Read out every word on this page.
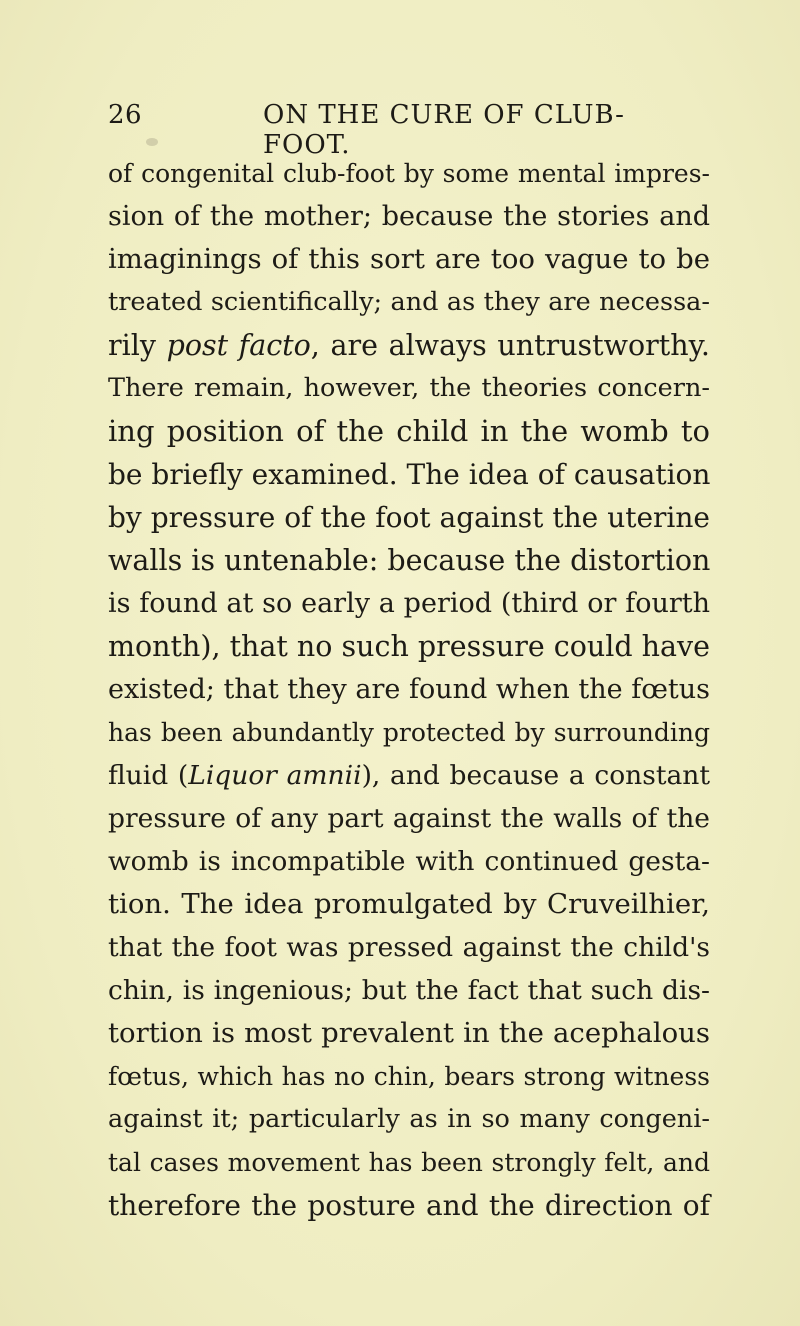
26	ON THE CURE OF CLUB-FOOT.
of congenital club-foot by some mental impres-
sion of the mother; because the stories and
imaginings of this sort are too vague to be
treated scientifically; and as they are necessa-
rily post facto, are always untrustworthy.
There remain, however, the theories concern-
ing position of the child in the womb to
be briefly examined. The idea of causation
by pressure of the foot against the uterine
walls is untenable: because the distortion
is found at so early a period (third or fourth
month), that no such pressure could have
existed; that they are found when the fœtus
has been abundantly protected by surrounding
fluid (Liquor amnii), and because a constant
pressure of any part against the walls of the
womb is incompatible with continued gesta-
tion. The idea promulgated by Cruveilhier,
that the foot was pressed against the child's
chin, is ingenious; but the fact that such dis-
tortion is most prevalent in the acephalous
fœtus, which has no chin, bears strong witness
against it; particularly as in so many congeni-
tal cases movement has been strongly felt, and
therefore the posture and the direction of
